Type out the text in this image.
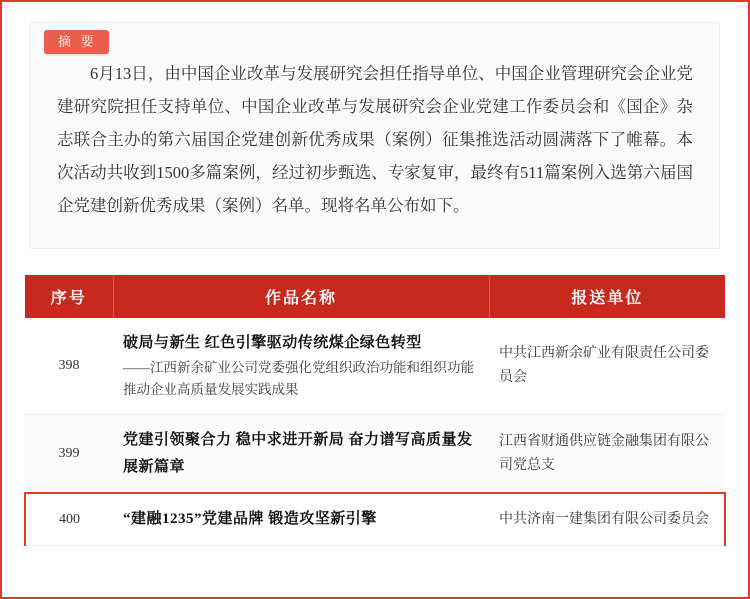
摘 要

6月13日，由中国企业改革与发展研究会担任指导单位、中国企业管理研究会企业党建研究院担任支持单位、中国企业改革与发展研究会企业党建工作委员会和《国企》杂志联合主办的第六届国企党建创新优秀成果（案例）征集推选活动圆满落下了帷幕。本次活动共收到1500多篇案例，经过初步甄选、专家复审，最终有511篇案例入选第六届国企党建创新优秀成果（案例）名单。现将名单公布如下。

序号	作品名称	报送单位
398	破局与新生 红色引擎驱动传统煤企绿色转型
——江西新余矿业公司党委强化党组织政治功能和组织功能推动企业高质量发展实践成果	中共江西新余矿业有限责任公司委员会
399	党建引领聚合力 稳中求进开新局 奋力谱写高质量发展新篇章	江西省财通供应链金融集团有限公司党总支
400	“建融1235”党建品牌 锻造攻坚新引擎	中共济南一建集团有限公司委员会
